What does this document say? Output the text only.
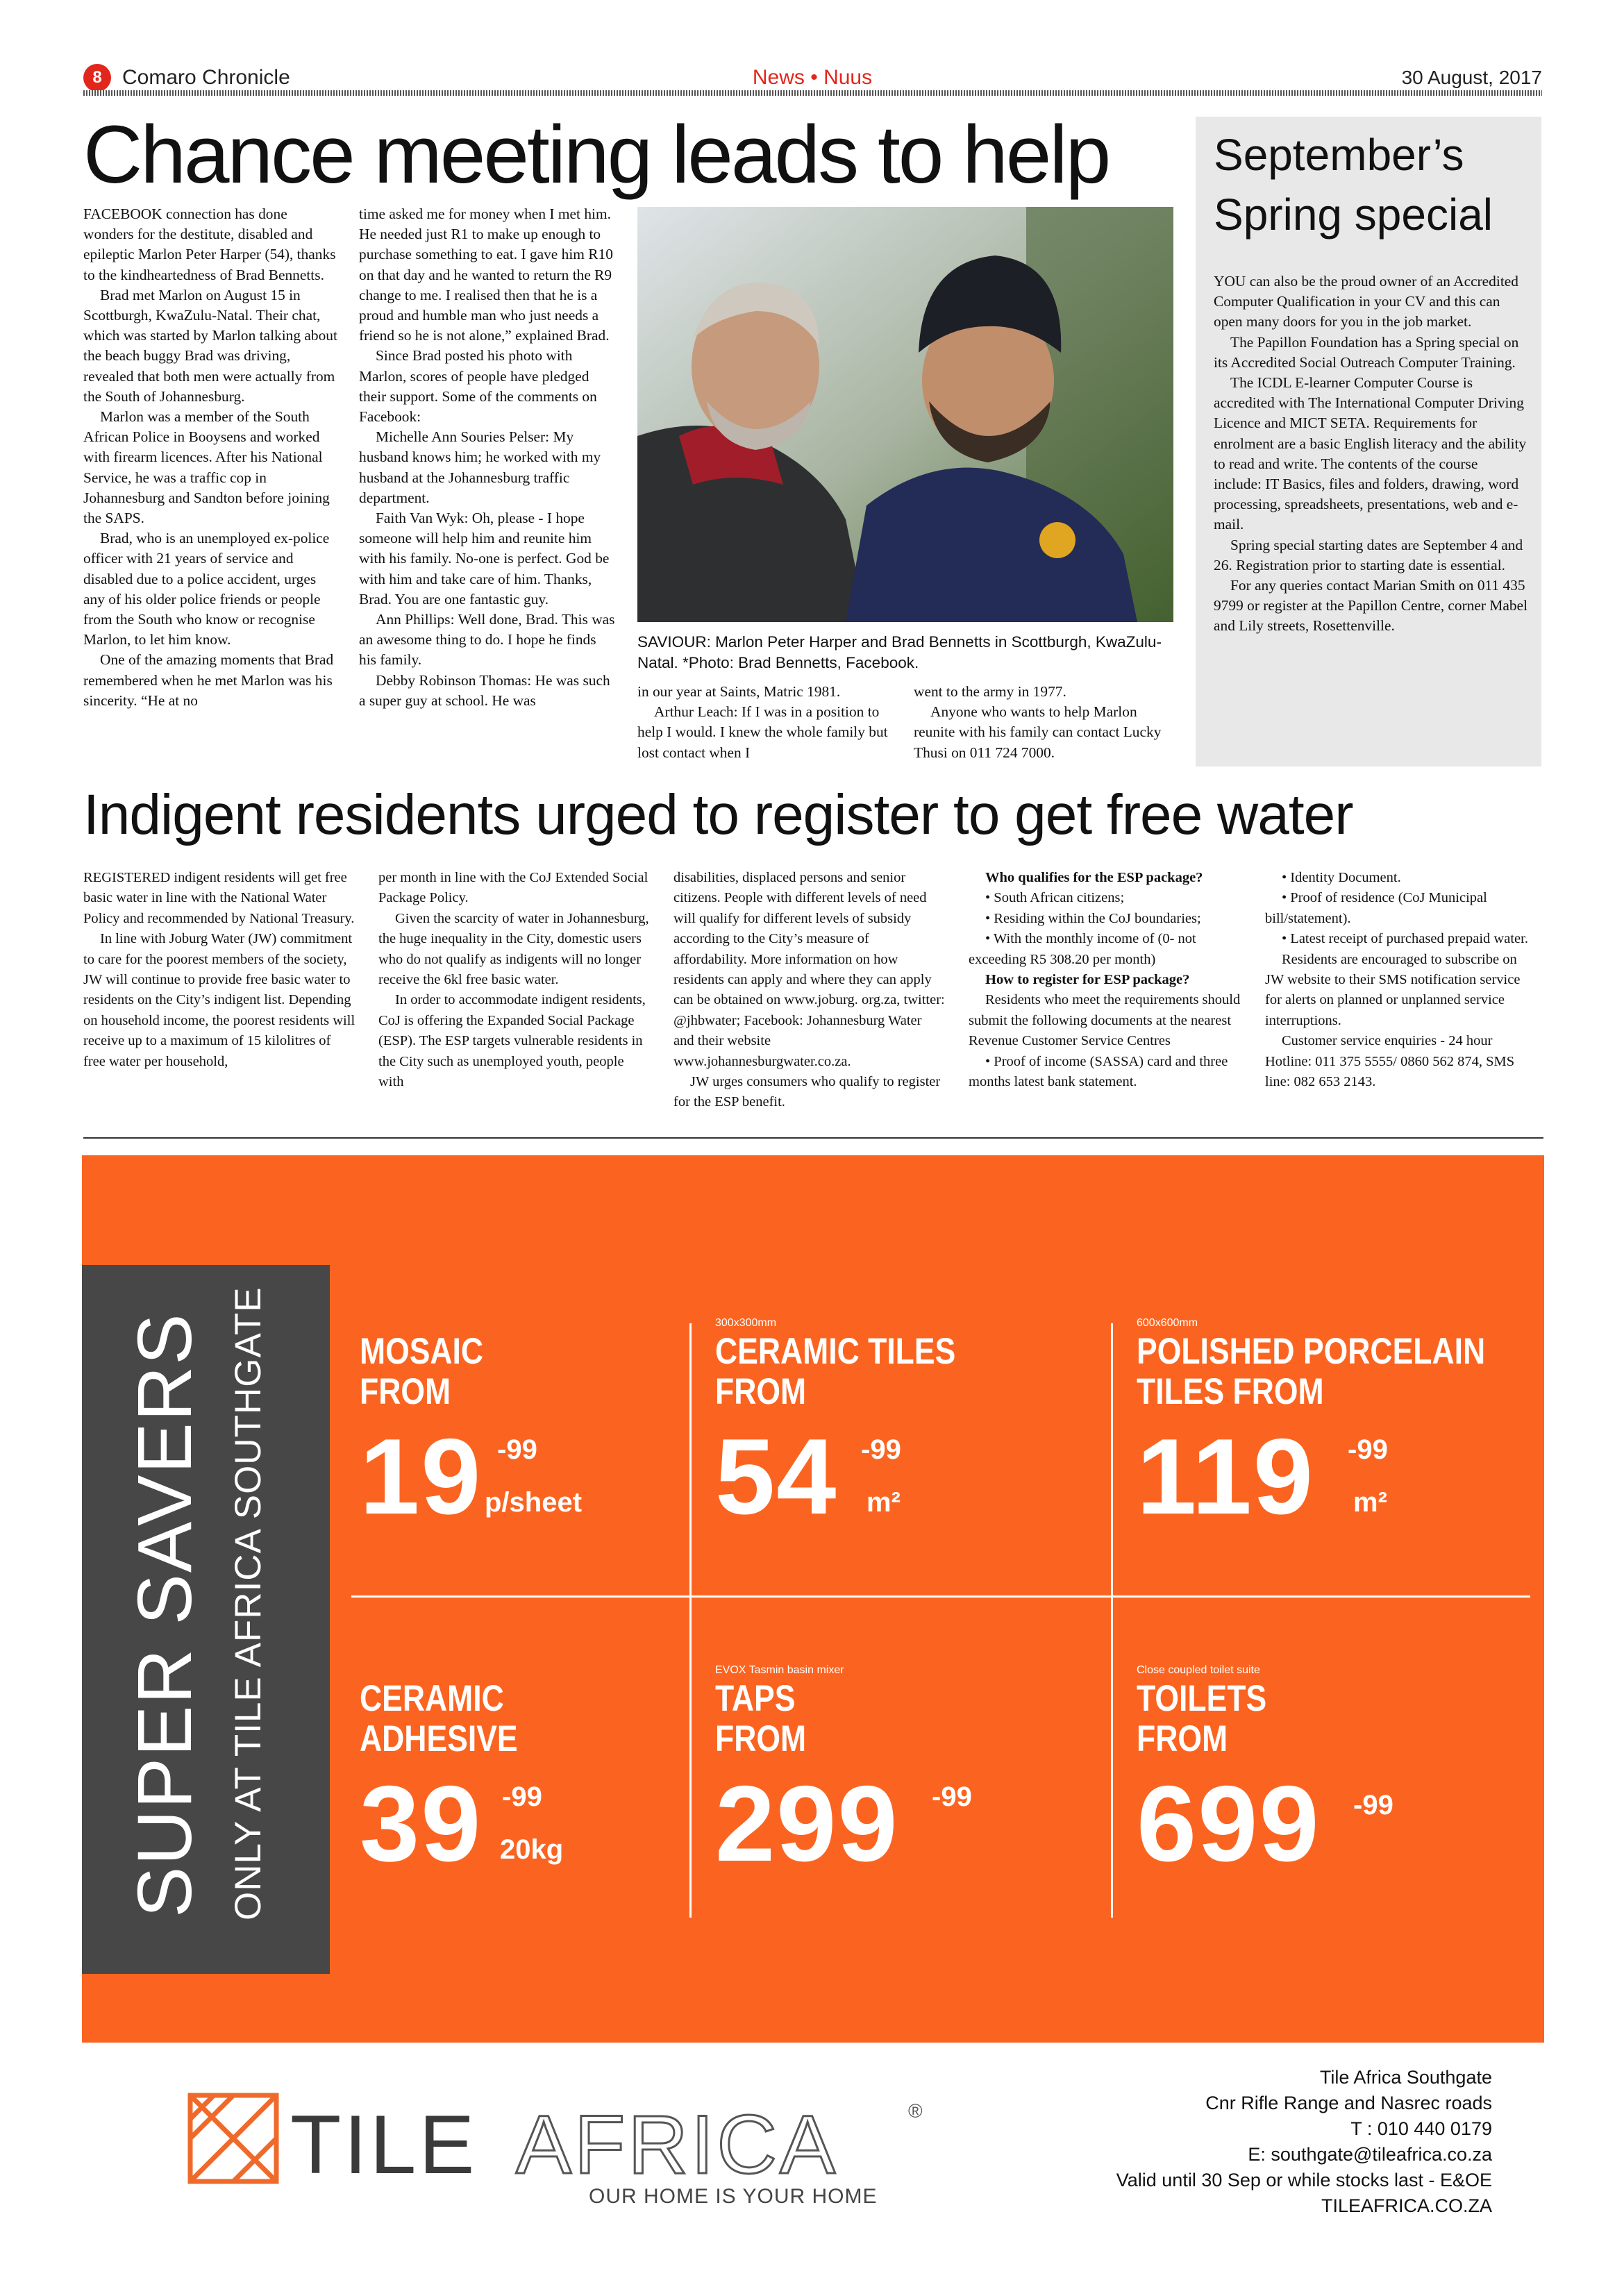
8 Comaro Chronicle	News • Nuus	30 August, 2017
Chance meeting leads to help

FACEBOOK connection has done wonders for the destitute, disabled and epileptic Marlon Peter Harper (54), thanks to the kindheartedness of Brad Bennetts.

Brad met Marlon on August 15 in Scottburgh, KwaZulu-Natal. Their chat, which was started by Marlon talking about the beach buggy Brad was driving, revealed that both men were actually from the South of Johannesburg.

Marlon was a member of the South African Police in Booysens and worked with firearm licences. After his National Service, he was a traffic cop in Johannesburg and Sandton before joining the SAPS.

Brad, who is an unemployed ex-police officer with 21 years of service and disabled due to a police accident, urges any of his older police friends or people from the South who know or recognise Marlon, to let him know.

One of the amazing moments that Brad remembered when he met Marlon was his sincerity. “He at no

time asked me for money when I met him. He needed just R1 to make up enough to purchase something to eat. I gave him R10 on that day and he wanted to return the R9 change to me. I realised then that he is a proud and humble man who just needs a friend so he is not alone,” explained Brad.

Since Brad posted his photo with Marlon, scores of people have pledged their support. Some of the comments on Facebook:

Michelle Ann Souries Pelser: My husband knows him; he worked with my husband at the Johannesburg traffic department.

Faith Van Wyk: Oh, please - I hope someone will help him and reunite him with his family. No-one is perfect. God be with him and take care of him. Thanks, Brad. You are one fantastic guy.

Ann Phillips: Well done, Brad. This was an awesome thing to do. I hope he finds his family.

Debby Robinson Thomas: He was such a super guy at school. He was

SAVIOUR: Marlon Peter Harper and Brad Bennetts in Scottburgh, KwaZulu-Natal. *Photo: Brad Bennetts, Facebook.

in our year at Saints, Matric 1981.

Arthur Leach: If I was in a position to help I would. I knew the whole family but lost contact when I

went to the army in 1977.

Anyone who wants to help Marlon reunite with his family can contact Lucky Thusi on 011 724 7000.

September’s Spring special

YOU can also be the proud owner of an Accredited Computer Qualification in your CV and this can open many doors for you in the job market.

The Papillon Foundation has a Spring special on its Accredited Social Outreach Computer Training.

The ICDL E-learner Computer Course is accredited with The International Computer Driving Licence and MICT SETA. Requirements for enrolment are a basic English literacy and the ability to read and write. The contents of the course include: IT Basics, files and folders, drawing, word processing, spreadsheets, presentations, web and e-mail.

Spring special starting dates are September 4 and 26. Registration prior to starting date is essential.

For any queries contact Marian Smith on 011 435 9799 or register at the Papillon Centre, corner Mabel and Lily streets, Rosettenville.

Indigent residents urged to register to get free water

REGISTERED indigent residents will get free basic water in line with the National Water Policy and recommended by National Treasury.

In line with Joburg Water (JW) commitment to care for the poorest members of the society, JW will continue to provide free basic water to residents on the City’s indigent list. Depending on household income, the poorest residents will receive up to a maximum of 15 kilolitres of free water per household,

per month in line with the CoJ Extended Social Package Policy.

Given the scarcity of water in Johannesburg, the huge inequality in the City, domestic users who do not qualify as indigents will no longer receive the 6kl free basic water.

In order to accommodate indigent residents, CoJ is offering the Expanded Social Package (ESP). The ESP targets vulnerable residents in the City such as unemployed youth, people with

disabilities, displaced persons and senior citizens. People with different levels of need will qualify for different levels of subsidy according to the City’s measure of affordability. More information on how residents can apply and where they can apply can be obtained on www.joburg. org.za, twitter: @jhbwater; Facebook: Johannesburg Water and their website www.johannesburgwater.co.za.

JW urges consumers who qualify to register for the ESP benefit.

Who qualifies for the ESP package?

• South African citizens;

• Residing within the CoJ boundaries;

• With the monthly income of (0- not exceeding R5 308.20 per month)

How to register for ESP package?

Residents who meet the requirements should submit the following documents at the nearest Revenue Customer Service Centres

• Proof of income (SASSA) card and three months latest bank statement.

• Identity Document.

• Proof of residence (CoJ Municipal bill/statement).

• Latest receipt of purchased prepaid water.

Residents are encouraged to subscribe on JW website to their SMS notification service for alerts on planned or unplanned service interruptions.

Customer service enquiries - 24 hour Hotline: 011 375 5555/ 0860 562 874, SMS line: 082 653 2143.

SUPER SAVERS ONLY AT TILE AFRICA SOUTHGATE MOSAIC
FROM
19 -99
p/sheet
300x300mm
CERAMIC TILES
FROM
54 -99
m²
600x600mm
POLISHED PORCELAIN
TILES FROM
119 -99
m²
CERAMIC
ADHESIVE
39 -99
20kg
EVOX Tasmin basin mixer
TAPS
FROM
299 -99
Close coupled toilet suite
TOILETS
FROM
699 -99
TILE AFRICA	®
OUR HOME IS YOUR HOME
Tile Africa Southgate
Cnr Rifle Range and Nasrec roads
T : 010 440 0179
E: southgate@tileafrica.co.za
Valid until 30 Sep or while stocks last - E&OE
TILEAFRICA.CO.ZA
